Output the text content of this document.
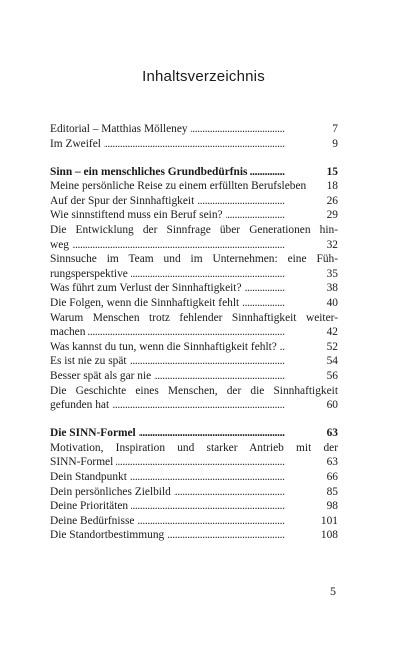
Inhaltsverzeichnis
Editorial – Matthias Mölleney . . .	7
Im Zweifel . . .	9
Sinn – ein menschliches Grundbedürfnis . . .	15
Meine persönliche Reise zu einem erfüllten Berufsleben	18
Auf der Spur der Sinnhaftigkeit . . .	26
Wie sinnstiftend muss ein Beruf sein? . . .	29
Die Entwicklung der Sinnfrage über Generationen hin-
weg . . .	32
Sinnsuche im Team und im Unternehmen: eine Füh-
rungsperspektive . . .	35
Was führt zum Verlust der Sinnhaftigkeit? . . .	38
Die Folgen, wenn die Sinnhaftigkeit fehlt . . .	40
Warum Menschen trotz fehlender Sinnhaftigkeit weiter-
machen . . .	42
Was kannst du tun, wenn die Sinnhaftigkeit fehlt? . . .	52
Es ist nie zu spät . . .	54
Besser spät als gar nie . . .	56
Die Geschichte eines Menschen, der die Sinnhaftigkeit
gefunden hat . . .	60
Die SINN-Formel . . .	63
Motivation, Inspiration und starker Antrieb mit der
SINN-Formel . . .	63
Dein Standpunkt . . .	66
Dein persönliches Zielbild . . .	85
Deine Prioritäten . . .	98
Deine Bedürfnisse . . .	101
Die Standortbestimmung . . .	108
5
